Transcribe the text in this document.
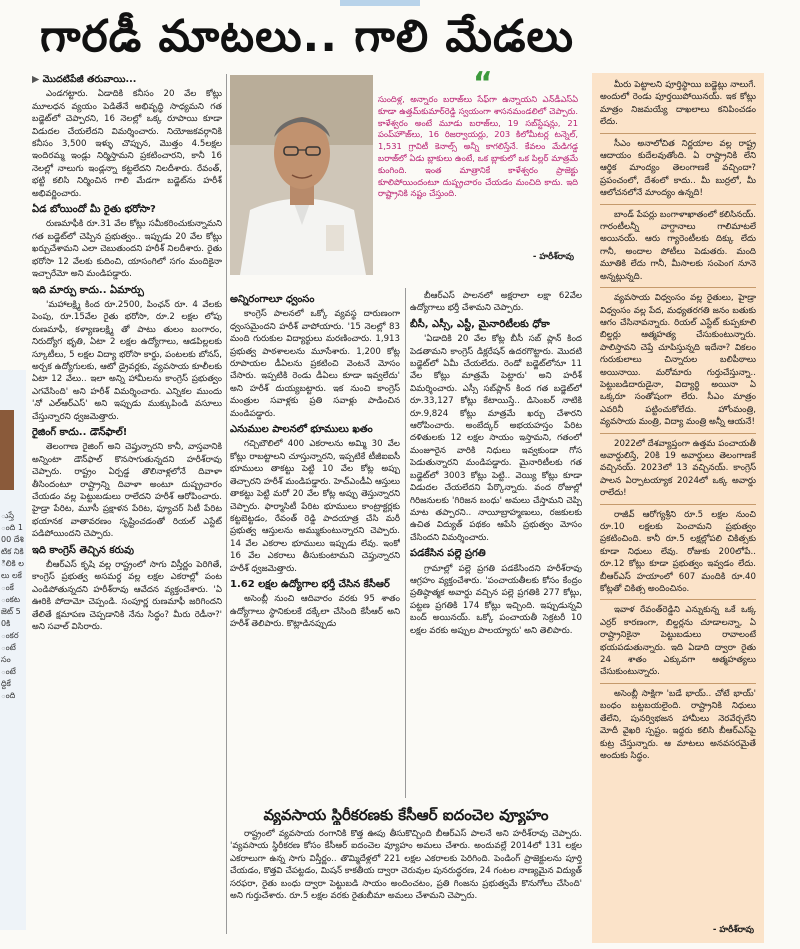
గారడీ మాటలు.. గాలి మేడలు
ుస్తే ంది 100 దేశి టిక నికి ిలికి లలు లకే ంకే ంకట జెట్ 50కి ంకర ంటే సం ంటే ద్దికే ంది
▶ మొదటిపేజీ తరువాయి...

ఎండగట్టారు. ఏడాదికి కనీసం 20 వేల కోట్లు మూలధన వ్యయం పెడితేనే అభివృద్ధి సాధ్యమని గత బడ్జెట్‌లో చెప్పారని, 16 నెలల్లో ఒక్క రూపాయి కూడా విడుదల చేయలేదని విమర్శించారు. నియోజకవర్గానికి కనీసం 3,500 ఇళ్ళు చొప్పున, మొత్తం 4.5లక్షల ఇందిరమ్మ ఇండ్లు నిర్మిస్తామని ప్రకటించారని, కానీ 16 నెలల్లో నాలుగు ఇండ్లన్నా కట్టలేదని నిలదీశారు. రేవంత్, భట్టి కలిసి నిర్మించిన గాలి మేడగా బడ్జెట్‌ను హరీశ్ అభివర్ణించారు.

ఏడ బోయిందో మీ రైతు భరోసా?

రుణమాఫీకి రూ.31 వేల కోట్లు సమీకరించుకున్నామని గత బడ్జెట్‌లో చెప్పిన ప్రభుత్వం.. ఇప్పుడు 20 వేల కోట్లు ఖర్చుచేశామని ఎలా చెబుతుందని హరీశ్ నిలదీశారు. రైతు భరోసా 12 వేలకు కుదించి, యాసంగిలో సగం మందికైనా ఇచ్చారేమో అని మండిపడ్డారు.

ఇది మార్పు కాదు.. ఏమార్పు

'మహాలక్ష్మి కింద రూ.2500, పింఛన్ రూ. 4 వేలకు పెంపు, రూ.15వేల రైతు భరోసా, రూ.2 లక్షల లోపు రుణమాఫీ, కళ్యాణలక్ష్మి తో పాటు తులం బంగారం, నిరుద్యోగ భృతి, ఏటా 2 లక్షల ఉద్యోగాలు, ఆడపిల్లలకు స్కూటీలు, 5 లక్షల విద్యా భరోసా కార్డు, పంటలకు బోనస్, అర్చక ఉద్యోగులకు, ఆటో డ్రైవర్లకు, వ్యవసాయ కూలీలకు ఏటా 12 వేలు.. ఇలా అన్ని హామీలను కాంగ్రెస్ ప్రభుత్వం ఎగవేసింది' అని హరీశ్ విమర్శించారు. ఎన్నికల ముందు 'నో ఎల్‌ఆర్ఎస్' అని ఇప్పుడు ముక్కుపిండి వసూలు చేస్తున్నారని ధ్వజమెత్తారు.

రైజింగ్ కాదు.. డౌన్‌ఫాల్!

తెలంగాణ రైజింగ్ అని చెప్తున్నారని కానీ, వాస్తవానికి అన్నింటా డౌన్‌ఫాల్ కొనసాగుతున్నదని హరీశ్‌రావు చెప్పారు. రాష్ట్రం ఏర్పడ్డ తొలినాళ్లలోనే దివాళా తీసిందంటూ రాష్ట్రాన్ని దివాళా అంటూ దుష్ప్రచారం చేయడం వల్ల పెట్టుబడులు రాలేదని హరీశ్ ఆరోపించారు. హైడ్రా పేరిట, మూసీ ప్రక్షాళన పేరిట, ఫ్యూచర్ సిటీ పేరిట భయానక వాతావరణం సృష్టించడంతో రియల్ ఎస్టేట్ పడిపోయిందని చెప్పారు.

ఇది కాంగ్రెస్ తెచ్చిన కరువు

బీఆర్ఎస్ కృషి వల్ల రాష్ట్రంలో సాగు విస్తీర్ణం పెరిగితే, కాంగ్రెస్ ప్రభుత్వ అసమర్థ వల్ల లక్షల ఎకరాల్లో పంట ఎండిపోతున్నదని హరీశ్‌రావు ఆవేదన వ్యక్తంచేశారు. 'ఏ ఊరికి పోదామో చెప్పండి. సంపూర్ణ రుణమాఫీ జరిగిందని తేలితే క్షమాపణ చెప్పడానికి నేను సిద్ధం? మీరు రెడీనా?' అని సవాల్ విసిరారు.

“
సుందిళ్ల, అన్నారం బరాజ్‌లు సేఫ్‌గా ఉన్నాయని ఎన్‌డీఎస్‌ఏ కూడా ఉత్తమ్‌కుమార్‌రెడ్డి స్వయంగా శాసనమండలిలో చెప్పారు. కాళేశ్వరం అంటే మూడు బరాజ్‌లు, 19 సబ్‌స్టేషన్లు, 21 పంప్‌హౌజ్‌లు, 16 రిజర్వాయర్లు, 203 కిలోమీటర్ల టన్నెల్, 1,531 గ్రావిటీ కెనాల్స్ అన్నీ కాగలిస్తేనే. కేవలం మేడిగడ్డ బరాజ్‌లో ఏడు బ్లాకులు ఉంటే, ఒక బ్లాకులో ఒక పిల్లర్ మాత్రమే కుంగింది. ఇంత మాత్రానికే కాళేశ్వరం ప్రాజెక్టు కూలిపోయిందంటూ దుష్ప్రచారం చేయడం మంచిది కాదు. ఇది రాష్ట్రానికి నష్టం చేస్తుంది.
- హరీశ్‌రావు
అన్నిరంగాలూ ధ్వంసం

కాంగ్రెస్ పాలనలో ఒక్కో వ్యవస్థ దారుణంగా ధ్వంసమైందని హరీశ్ వాపోయారు. '15 నెలల్లో 83 మంది గురుకుల విద్యార్థులు మరణించారు. 1,913 ప్రభుత్వ పాఠశాలలను మూసేశారు. 1,200 కోట్ల రూపాయల డీఏలను ప్రకటించి వెంటనే మోసం చేసారు. ఇప్పటికి రెండు డీఏలు కూడా ఇవ్వలేదు' అని హరీశ్ దుయ్యబట్టారు. ఇక నుంచి కాంగ్రెస్ మంత్రుల సవాళ్లకు ప్రతి సవాళ్లు పాడించిన మండిపడ్డారు.

ఎనుముల పాలనలో భూములు ఖతం

గచ్చిబౌలిలో 400 ఎకరాలను అమ్మి 30 వేల కోట్లు రాబట్టాలని చూస్తున్నారని, ఇప్పటికే టీజీఐఐసీ భూములు తాకట్టు పెట్టి 10 వేల కోట్ల అప్పు తెచ్చారని హరీశ్ మండిపడ్డారు. హెచ్ఎండీఏ ఆస్తులు తాకట్టు పెట్టి మరో 20 వేల కోట్ల అప్పు తెస్తున్నారని చెప్పారు. ఫార్మాసిటీ పేరిట భూములు కాంట్రాక్టర్లకు కట్టబెట్టడం, రేవంత్ రెడ్డి పాదయాత్ర చేసి మరీ ప్రభుత్వ ఆస్తులను అమ్ముకుంటున్నారని చెప్పారు. 14 వేల ఎకరాల భూములు ఇప్పుడు లేవు. ఇంకో 16 వేల ఎకరాలు తీసుకుంటామని చెప్తున్నారని హరీశ్ ధ్వజమెత్తారు.

1.62 లక్షల ఉద్యోగాల భర్తీ చేసిన కేసీఆర్

అసెంబ్లీ నుంచి ఆదివారం వరకు 95 శాతం ఉద్యోగాలు స్థానికులకే దక్కేలా చేసింది కేసీఆర్ అని హరీశ్ తెలిపారు. కొట్లాడినప్పుడు

బీఆర్ఎస్ పాలనలో అక్షరాలా లక్షా 62వేల ఉద్యోగాలు భర్తీ చేశామని చెప్పారు.

బీసీ, ఎస్సీ, ఎస్టీ, మైనారిటీలకు ధోకా

'ఏడాదికి 20 వేల కోట్ల బీసీ సబ్ ప్లాన్ కింద పెడతామని కాంగ్రెస్ డిక్లరేషన్ ఉదరగొట్టారు. మొదటి బడ్జెట్‌లో ఏమీ చేయలేదు. రెండో బడ్జెట్‌లోనూ 11 వేల కోట్లు మాత్రమే పెట్టారు' అని హరీశ్ విమర్శించారు. ఎస్సీ సబ్‌ప్లాన్ కింద గత బడ్జెట్‌లో రూ.33,127 కోట్లు కేటాయిస్తే.. డిసెంబర్ నాటికి రూ.9,824 కోట్లు మాత్రమే ఖర్చు చేశారని ఆరోపించారు. అంబేద్కర్ అభయహస్తం పేరిట దళితులకు 12 లక్షల సాయం ఇస్తామని, గతంలో మంజూరైన వారికి నిధులు ఇవ్వకుండా గోస పెడుతున్నారని మండిపడ్డారు. మైనారిటీలకు గత బడ్జెట్‌లో 3003 కోట్లు పెట్టి.. వెయ్యి కోట్లు కూడా విడుదల చేయలేదని పేర్కొన్నారు. వంద రోజుల్లో గిరిజనులకు 'గిరిజన బంధు' అమలు చేస్తామని చెప్పి మాట తప్పారని.. నాయీబ్రాహ్మణులు, రజకులకు ఉచిత విద్యుత్ పథకం ఆపేసి ప్రభుత్వం మోసం చేసిందని విమర్శించారు.

పడకేసిన పల్లె ప్రగతి

గ్రామాల్లో పల్లె ప్రగతి పడకేసిందని హరీశ్‌రావు ఆగ్రహం వ్యక్తంచేశారు. 'పంచాయతీలకు కోసం కేంద్రం ప్రతిష్ఠాత్మక అవార్డు వచ్చిన పల్లె ప్రగతికి 277 కోట్లు, పట్టణ ప్రగతికి 174 కోట్లు ఇచ్చింది. ఇప్పుడున్నవి బంద్ అయినయ్. ఒక్కో పంచాయతీ సెక్రటరీ 10 లక్షల వరకు అప్పుల పాలయ్యారు' అని తెలిపారు.

వ్యవసాయ స్థిరీకరణకు కేసీఆర్ ఐదంచెల వ్యూహం

రాష్ట్రంలో వ్యవసాయ రంగానికి కొత్త ఊపు తీసుకొచ్చింది బీఆర్ఎస్ పాలనే అని హరీశ్‌రావు చెప్పారు. 'వ్యవసాయ స్థిరీకరణ కోసం కేసీఆర్ ఐదంచెల వ్యూహం అమలు చేశారు. అందువల్లే 2014లో 131 లక్షల ఎకరాలుగా ఉన్న సాగు విస్తీర్ణం.. తొమ్మిదేళ్లలో 221 లక్షల ఎకరాలకు పెరిగింది. పెండింగ్ ప్రాజెక్టులను పూర్తి చేయడం, కొత్తవి చేపట్టడం, మిషన్ కాకతీయ ద్వారా చెరువుల పునరుద్ధరణ, 24 గంటల నాణ్యమైన విద్యుత్ సరఫరా, రైతు బంధు ద్వారా పెట్టుబడి సాయం అందించటం, ప్రతి గింజను ప్రభుత్వమే కొనుగోలు చేసింది' అని గుర్తుచేశారు. రూ.5 లక్షల వరకు రైతుబీమా అమలు చేశామని చెప్పారు.

మీరు పెట్టాలని పూర్తిస్థాయి బడ్జెట్లు నాలుగే. అందులో రెండు పూర్తయిపోయినయ్. ఇక కోట్లు మాత్రం నిజమయ్యే దాఖలాలు కనిపించడం లేదు.

సీఎం అనాలోచిత నిర్ణయాల వల్ల రాష్ట్ర ఆదాయం కుదేలవుతోంది. ఏ రాష్ట్రానికి లేని ఆర్థిక మాంద్యం తెలంగాణకే వచ్చిందా? ప్రపంచంలో, దేశంలో కాదు.. మీ బుర్రలో, మీ ఆలోచనలోనే మాంద్యం ఉన్నది!

బాండ్ పేపర్లు బంగాళాఖాతంలో కలిసినయ్. గారంటీలన్నీ వాగ్దానాలు గాలిమాటలే అయినయ్. ఆరు గ్యారెంటీలకు దిక్కు లేదు గానీ, అందాల పోటీలు పెడుతరు. మంది మూతికి లేదు గానీ, మీసాలకు సంపెంగ నూనె అన్నట్లున్నది.

వ్యవసాయ విధ్వంసం వల్ల రైతులు, హైడ్రా విధ్వంసం వల్ల పేద, మధ్యతరగతి జనం బతుకు ఆగం చేసినావన్నారు. రియల్ ఎస్టేట్ కుప్పకూలి బిల్డర్లు ఆత్మహత్య చేసుకుంటున్నారు. పాలిస్తావని చెప్తే చూపిస్తున్నది ఇదేనా? వికలం గురుకులాలు చిన్నారుల బలిపీఠాలు అయినాయి. మరోమారు గుర్తుచేస్తున్నా.. పెట్టుబడిదారుడైనా, విద్యార్థి అయినా ఏ ఒక్కరూ సంతోషంగా లేరు. సీఎం మాత్రం ఎవరినీ పట్టించుకోలేదు. హోంమంత్రి, వ్యవసాయ మంత్రి, విద్యా మంత్రి అన్నీ ఆయనే!

2022లో దేశవ్యాప్తంగా ఉత్తమ పంచాయతీ అవార్డులిస్తే, 20కి 19 అవార్డులు తెలంగాణకే వచ్చినయ్. 2023లో 13 వచ్చినయ్. కాంగ్రెస్ పాలన ఏర్పాటయ్యాక 2024లో ఒక్క అవార్డు రాలేదు!

రాజీవ్ ఆరోగ్యశ్రీని రూ.5 లక్షల నుంచి రూ.10 లక్షలకు పెంచామని ప్రభుత్వం ప్రకటించింది. కానీ రూ.5 లక్షల్లోపలి చికిత్సకు కూడా నిధులు లేవు. రోజుకు 200లోపే.. రూ.12 కోట్లు కూడా ప్రభుత్వం ఇవ్వడం లేదు. బీఆర్ఎస్ హయాంలో 607 మందికి రూ.40 కోట్లతో చికిత్స అందించినం.

ఇవాళ రేవంత్‌రెడ్డిని ఎన్నుకున్న ఒకే ఒక్క ఎర్రర్ కారణంగా, బిల్డర్లను చూడాలన్నా, ఏ రాష్ట్రానికైనా పెట్టుబడులు రావాలంటే భయపడుతున్నారు. ఇది ఏడాది ద్వారా రైతు 24 శాతం ఎక్కువగా ఆత్మహత్యలు చేసుకుంటున్నారు.

అసెంబ్లీ సాక్షిగా 'బడే భాయ్.. చోటే భాయ్' బంధం బట్టబయలైంది. రాష్ట్రానికి నిధులు తేలేని, పునర్విభజన హామీలు నెరవేర్చలేని మోదీ వైఖరి స్పష్టం. ఇద్దరు కలిసి బీఆర్ఎస్‌పై కుట్ర చేస్తున్నారు. ఆ మాటలు అనవసరమైతే అందుకు సిద్ధం.

- హరీశ్‌రావు
